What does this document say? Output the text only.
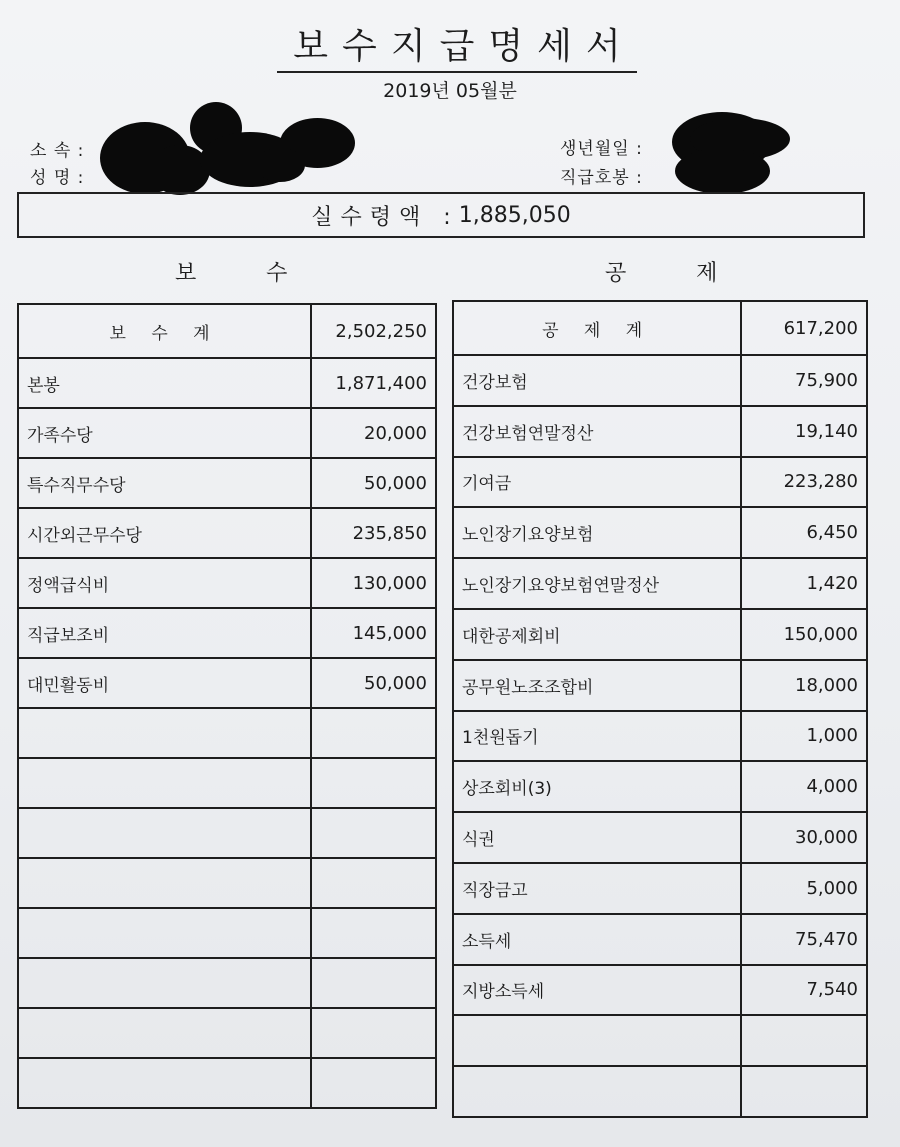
보수지급명세서
2019년 05월분
소 속 :
성 명 :
생년월일 :
직급호봉 :
실수령액 : 1,885,050
보          수	공          제
보 수 계	2,502,250
본봉	1,871,400
가족수당	20,000
특수직무수당	50,000
시간외근무수당	235,850
정액급식비	130,000
직급보조비	145,000
대민활동비	50,000

공 제 계	617,200
건강보험	75,900
건강보험연말정산	19,140
기여금	223,280
노인장기요양보험	6,450
노인장기요양보험연말정산	1,420
대한공제회비	150,000
공무원노조조합비	18,000
1천원돕기	1,000
상조회비(3)	4,000
식권	30,000
직장금고	5,000
소득세	75,470
지방소득세	7,540
